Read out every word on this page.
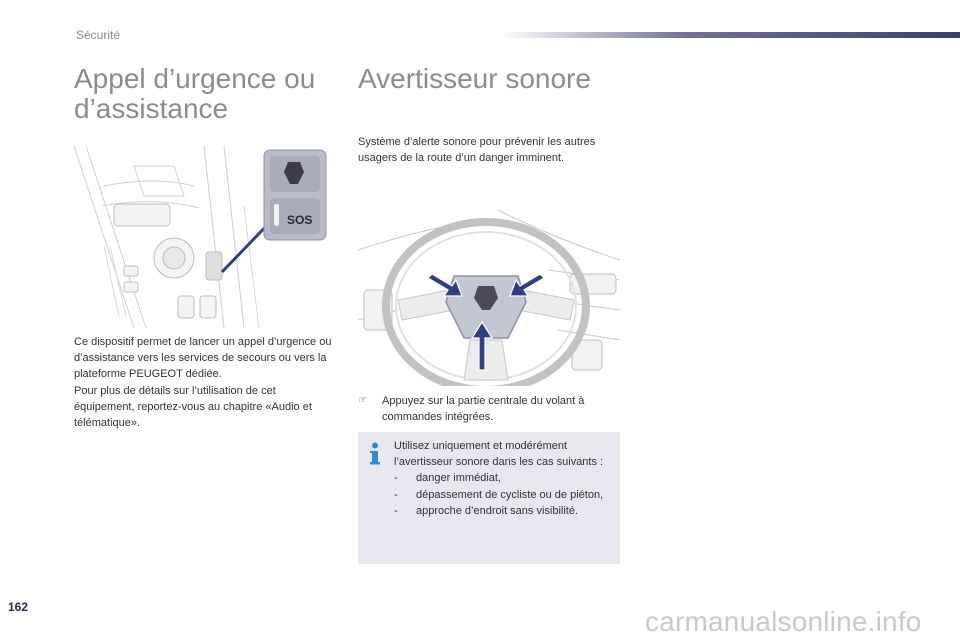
Sécurité
Appel d’urgence ou d’assistance
Avertisseur sonore
SOS
Ce dispositif permet de lancer un appel d’urgence ou d’assistance vers les services de secours ou vers la plateforme PEUGEOT dédiée.
Pour plus de détails sur l’utilisation de cet équipement, reportez-vous au chapitre «Audio et télématique».
Système d’alerte sonore pour prévenir les autres usagers de la route d’un danger imminent.
☞ Appuyez sur la partie centrale du volant à commandes intégrées.
Utilisez uniquement et modérément l’avertisseur sonore dans les cas suivants :
- danger immédiat,
- dépassement de cycliste ou de piéton,
- approche d’endroit sans visibilité.
162	carmanualsonline.info
